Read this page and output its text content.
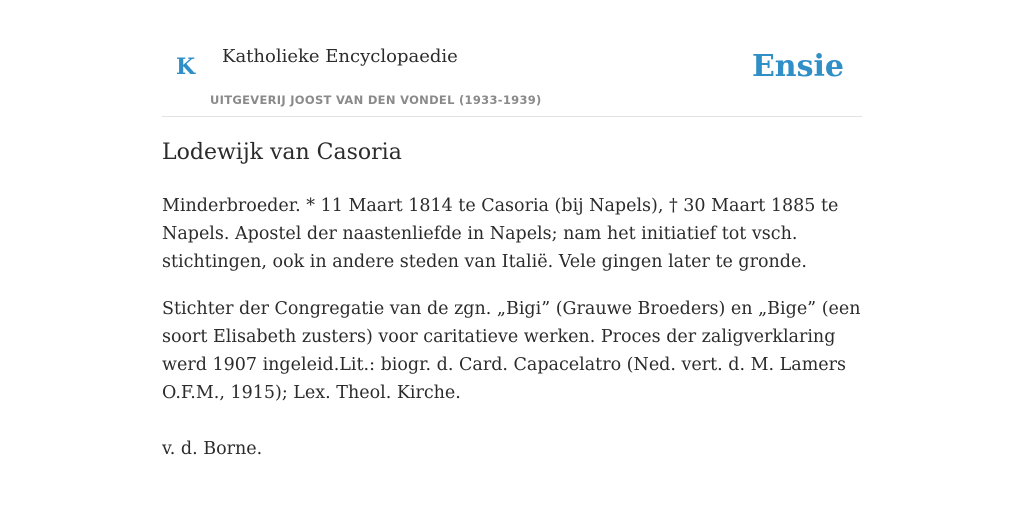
K Katholieke Encyclopaedie
UITGEVERIJ JOOST VAN DEN VONDEL (1933-1939)
Ensie
Lodewijk van Casoria

Minderbroeder. * 11 Maart 1814 te Casoria (bij Napels), † 30 Maart 1885 te Napels. Apostel der naastenliefde in Napels; nam het initiatief tot vsch. stichtingen, ook in andere steden van Italië. Vele gingen later te gronde.

Stichter der Congregatie van de zgn. „Bigi” (Grauwe Broeders) en „Bige” (een soort Elisabeth zusters) voor caritatieve werken. Proces der zaligverklaring werd 1907 ingeleid.Lit.: biogr. d. Card. Capacelatro (Ned. vert. d. M. Lamers O.F.M., 1915); Lex. Theol. Kirche.

v. d. Borne.
